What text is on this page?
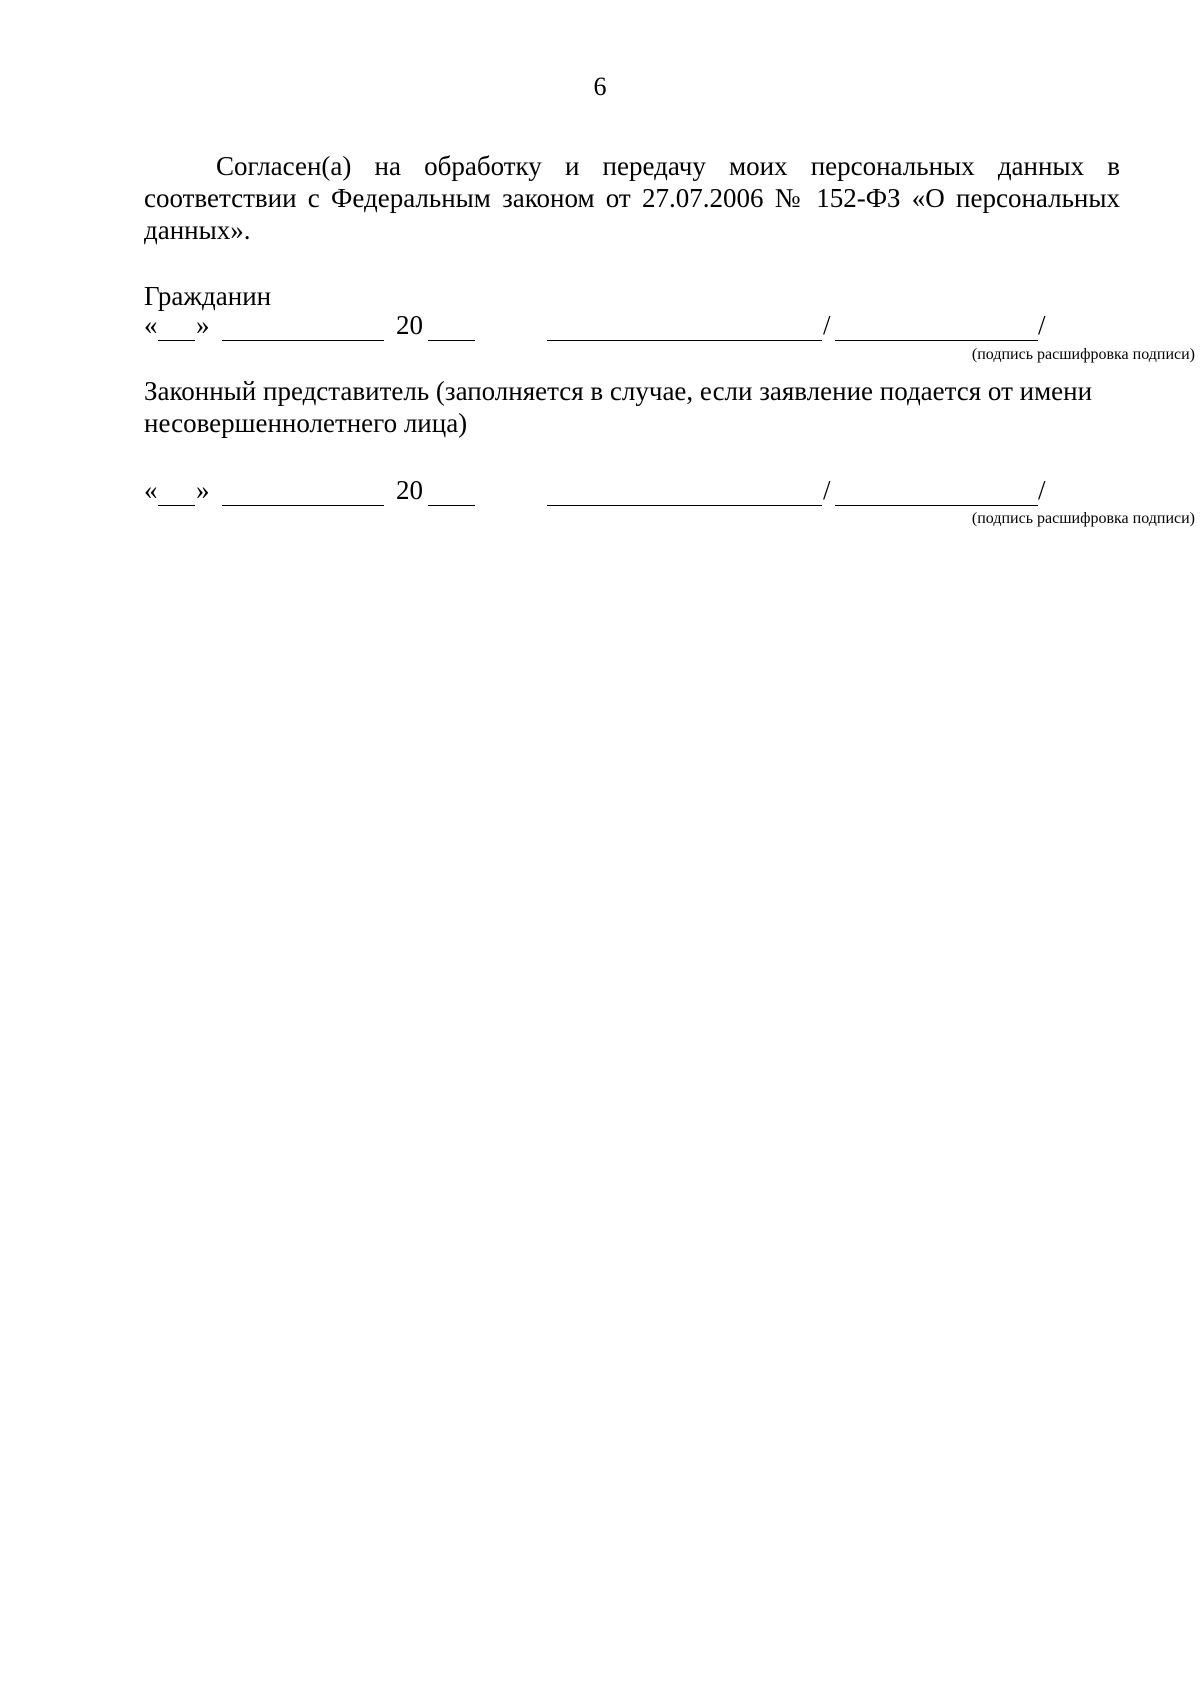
6

Согласен(а) на обработку и передачу моих персональных данных в соответствии с Федеральным законом от 27.07.2006 № 152-ФЗ «О персональных данных».

Гражданин
« »	20	/	/
(подпись расшифровка подписи)
Законный представитель (заполняется в случае, если заявление подается от имени несовершеннолетнего лица)
« »	20	/	/
(подпись расшифровка подписи)
